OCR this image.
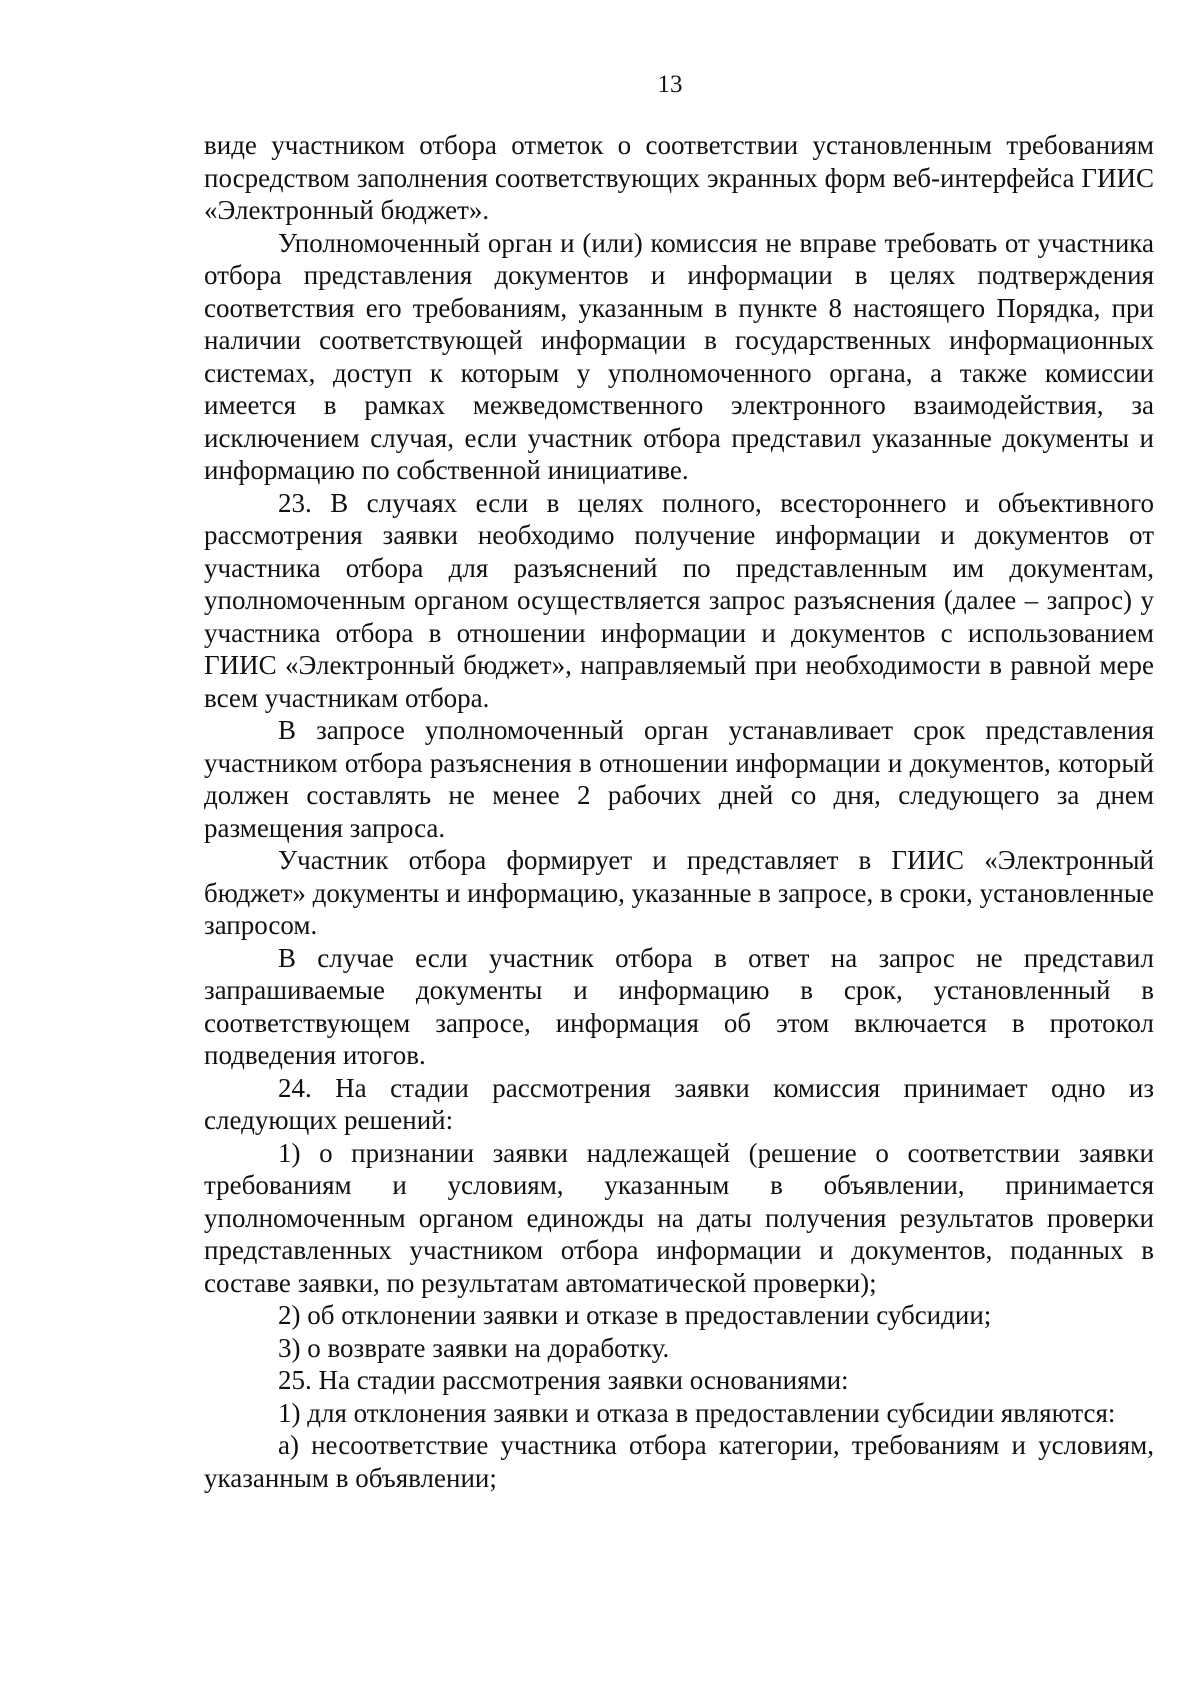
13

виде участником отбора отметок о соответствии установленным требованиям посредством заполнения соответствующих экранных форм веб-интерфейса ГИИС «Электронный бюджет».

Уполномоченный орган и (или) комиссия не вправе требовать от участника отбора представления документов и информации в целях подтверждения соответствия его требованиям, указанным в пункте 8 настоящего Порядка, при наличии соответствующей информации в государственных информационных системах, доступ к которым у уполномоченного органа, а также комиссии имеется в рамках межведомственного электронного взаимодействия, за исключением случая, если участник отбора представил указанные документы и информацию по собственной инициативе.

23. В случаях если в целях полного, всестороннего и объективного рассмотрения заявки необходимо получение информации и документов от участника отбора для разъяснений по представленным им документам, уполномоченным органом осуществляется запрос разъяснения (далее – запрос) у участника отбора в отношении информации и документов с использованием ГИИС «Электронный бюджет», направляемый при необходимости в равной мере всем участникам отбора.

В запросе уполномоченный орган устанавливает срок представления участником отбора разъяснения в отношении информации и документов, который должен составлять не менее 2 рабочих дней со дня, следующего за днем размещения запроса.

Участник отбора формирует и представляет в ГИИС «Электронный бюджет» документы и информацию, указанные в запросе, в сроки, установленные запросом.

В случае если участник отбора в ответ на запрос не представил запрашиваемые документы и информацию в срок, установленный в соответствующем запросе, информация об этом включается в протокол подведения итогов.

24. На стадии рассмотрения заявки комиссия принимает одно из следующих решений:

1) о признании заявки надлежащей (решение о соответствии заявки требованиям и условиям, указанным в объявлении, принимается уполномоченным органом единожды на даты получения результатов проверки представленных участником отбора информации и документов, поданных в составе заявки, по результатам автоматической проверки);

2) об отклонении заявки и отказе в предоставлении субсидии;

3) о возврате заявки на доработку.

25. На стадии рассмотрения заявки основаниями:

1) для отклонения заявки и отказа в предоставлении субсидии являются:

а) несоответствие участника отбора категории, требованиям и условиям, указанным в объявлении;
